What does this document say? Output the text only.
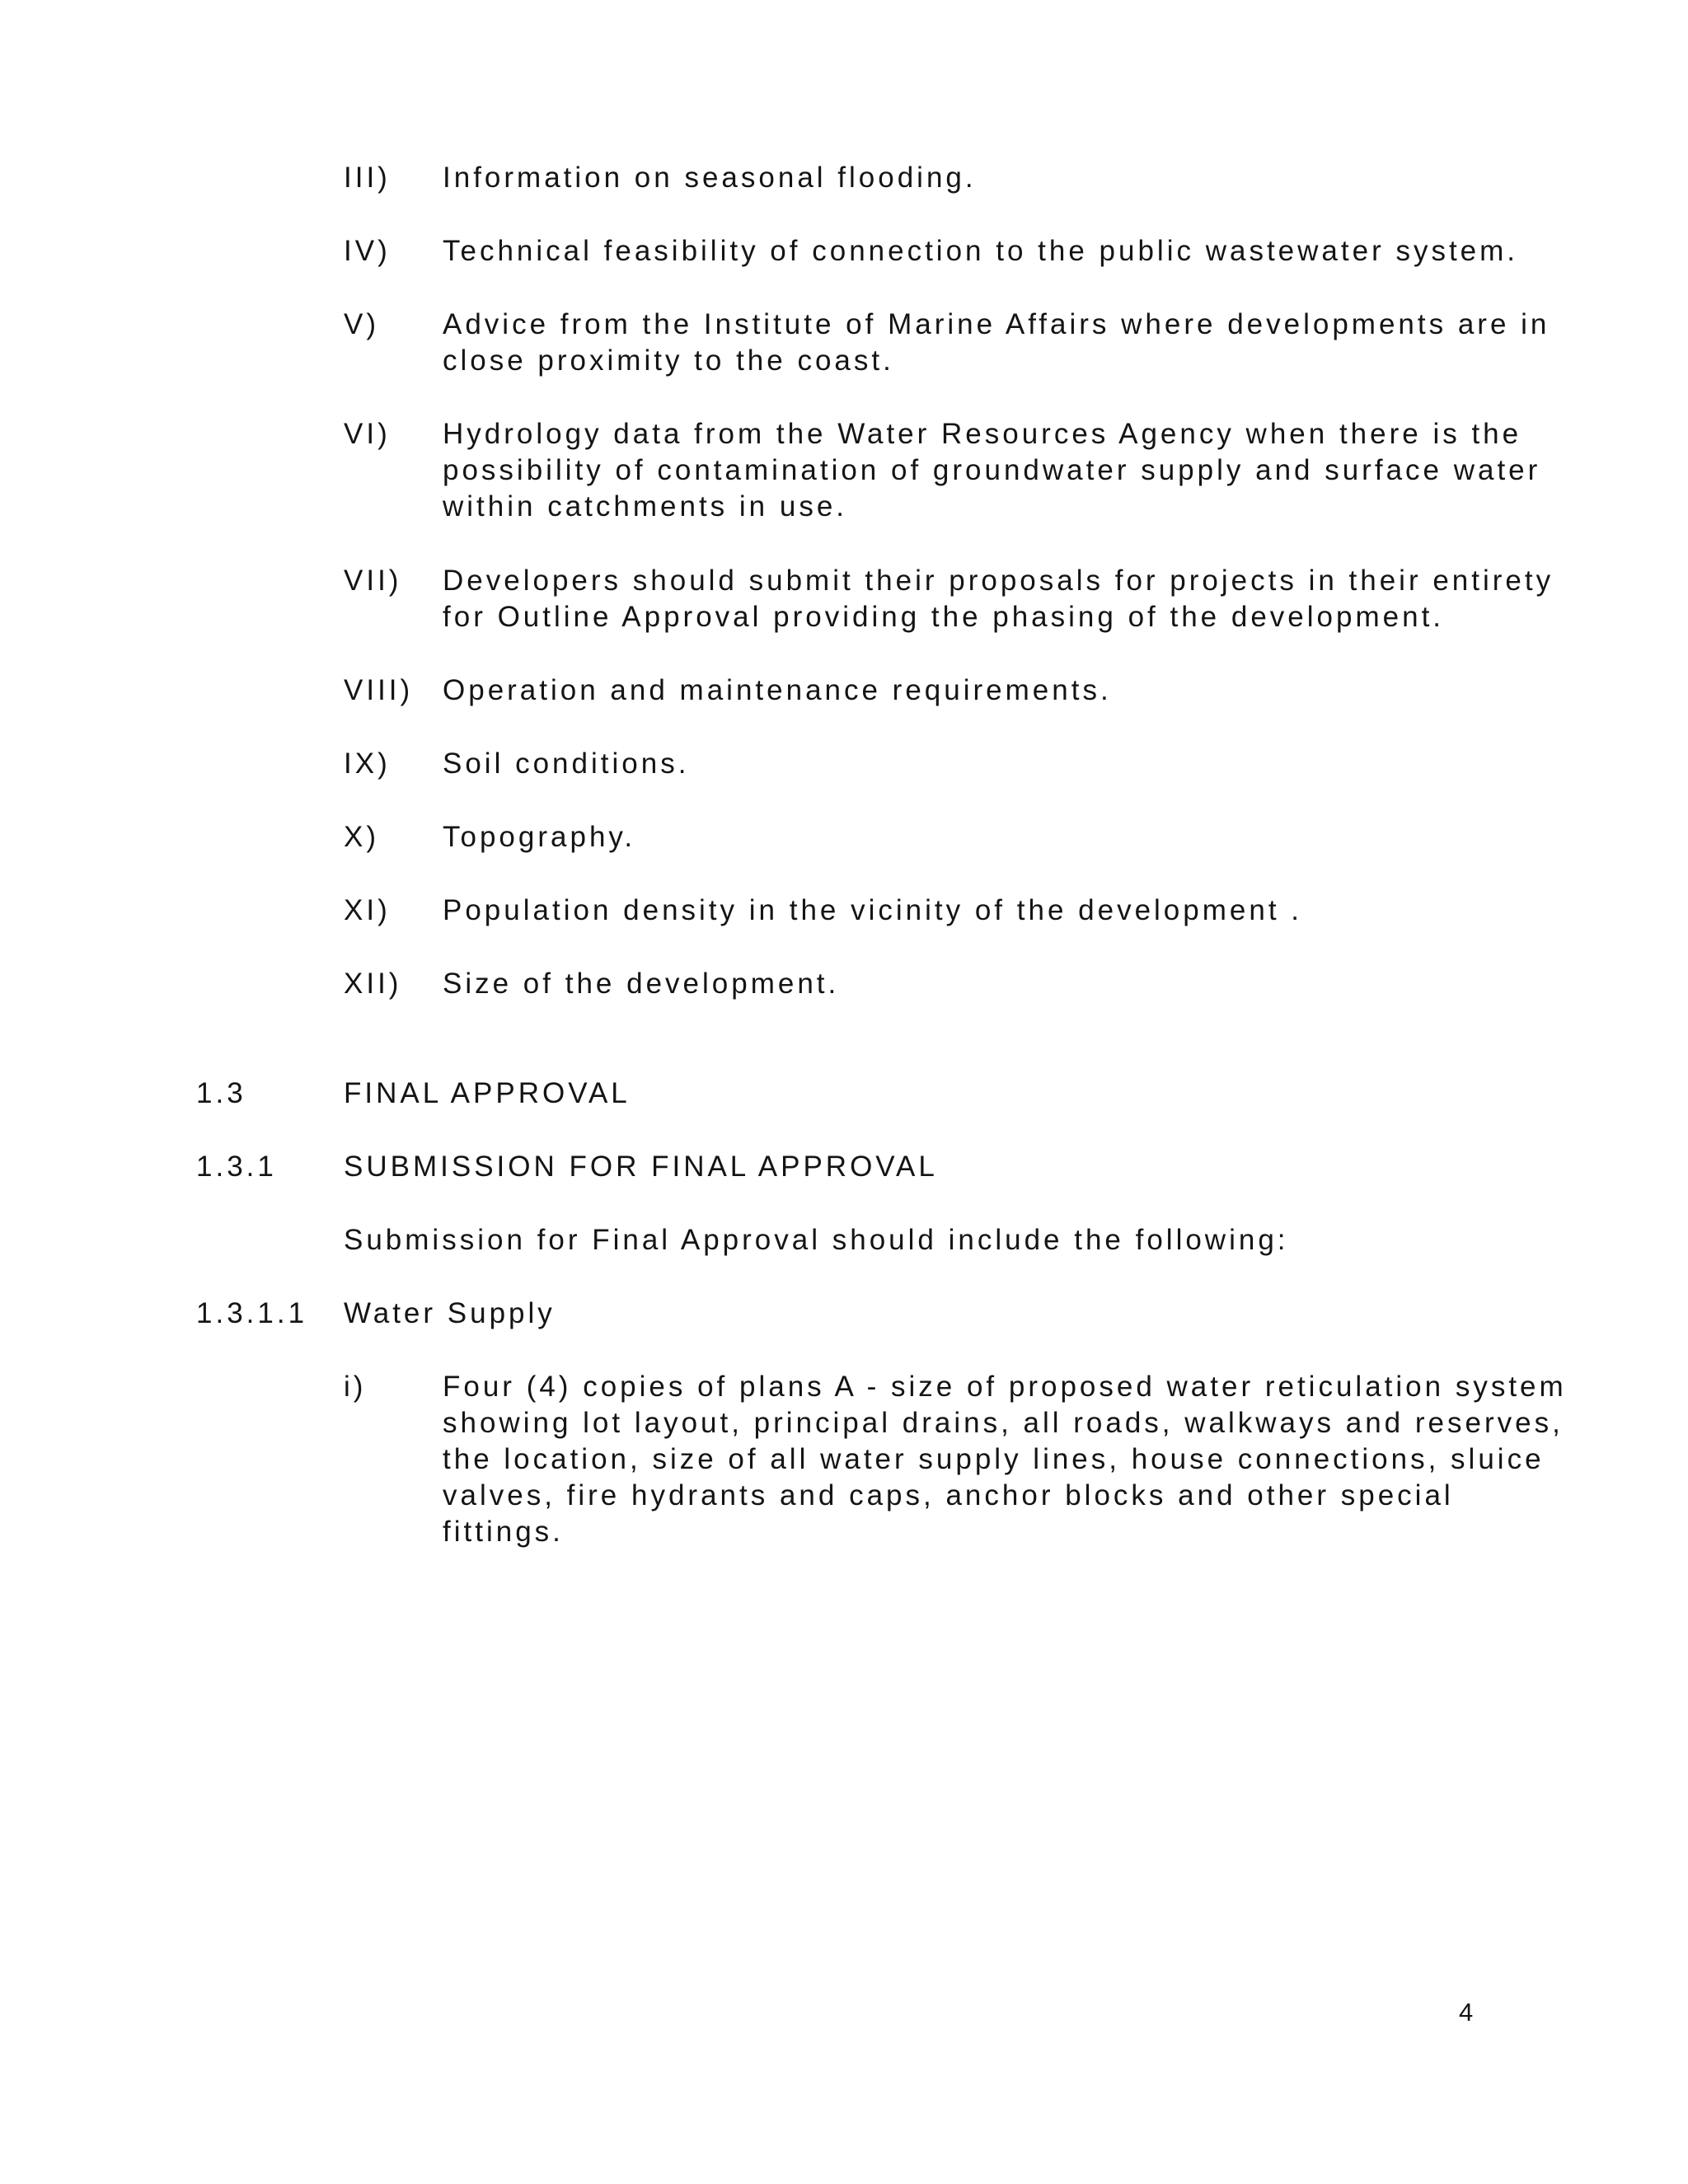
III) Information on seasonal flooding.
IV) Technical feasibility of connection to the public wastewater system.
V) Advice from the Institute of Marine Affairs where developments are in
close proximity to the coast.
VI) Hydrology data from the Water Resources Agency when there is the
possibility of contamination of groundwater supply and surface water
within catchments in use.
VII) Developers should submit their proposals for projects in their entirety
for Outline Approval providing the phasing of the development.
VIII) Operation and maintenance requirements.
IX) Soil conditions.
X) Topography.
XI) Population density in the vicinity of the development .
XII) Size of the development.
1.3	FINAL APPROVAL
1.3.1 SUBMISSION FOR FINAL APPROVAL
Submission for Final Approval should include the following:
1.3.1.1 Water Supply
i)	Four (4) copies of plans A - size of proposed water reticulation system
showing lot layout, principal drains, all roads, walkways and reserves,
the location, size of all water supply lines, house connections, sluice
valves, fire hydrants and caps, anchor blocks and other special
fittings.
4
